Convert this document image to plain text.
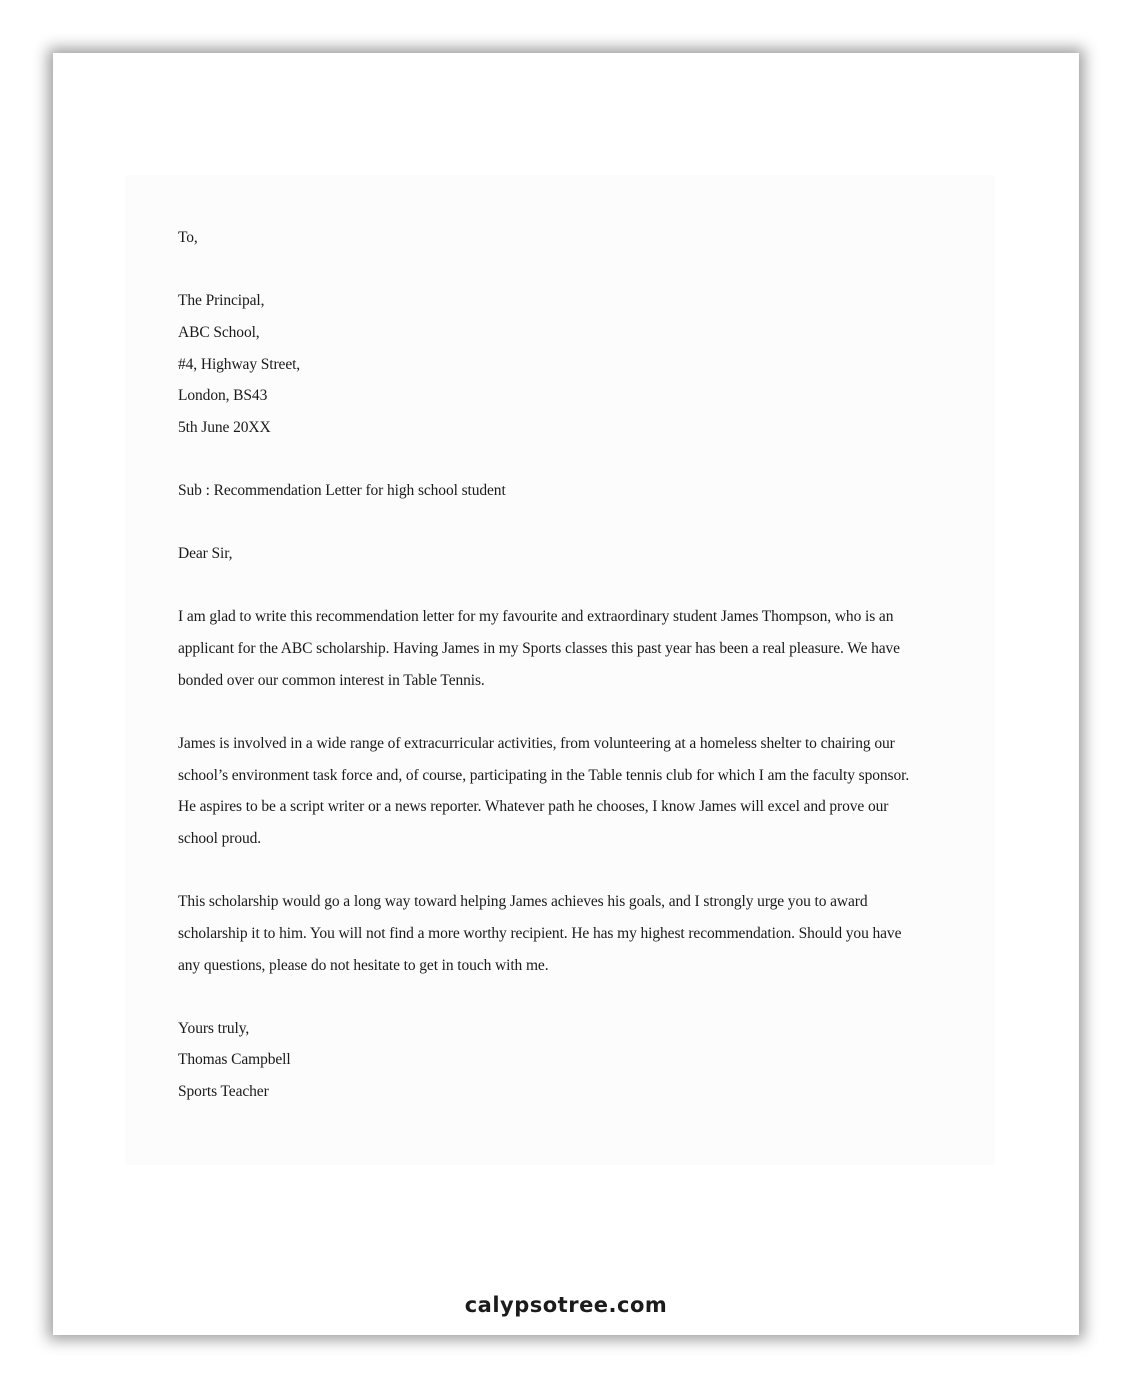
To,
The Principal,
ABC School,
#4, Highway Street,
London, BS43
5th June 20XX
Sub : Recommendation Letter for high school student
Dear Sir,
I am glad to write this recommendation letter for my favourite and extraordinary student James Thompson, who is an
applicant for the ABC scholarship. Having James in my Sports classes this past year has been a real pleasure. We have
bonded over our common interest in Table Tennis.
James is involved in a wide range of extracurricular activities, from volunteering at a homeless shelter to chairing our
school’s environment task force and, of course, participating in the Table tennis club for which I am the faculty sponsor.
He aspires to be a script writer or a news reporter. Whatever path he chooses, I know James will excel and prove our
school proud.
This scholarship would go a long way toward helping James achieves his goals, and I strongly urge you to award
scholarship it to him. You will not find a more worthy recipient. He has my highest recommendation. Should you have
any questions, please do not hesitate to get in touch with me.
Yours truly,
Thomas Campbell
Sports Teacher
calypsotree.com
